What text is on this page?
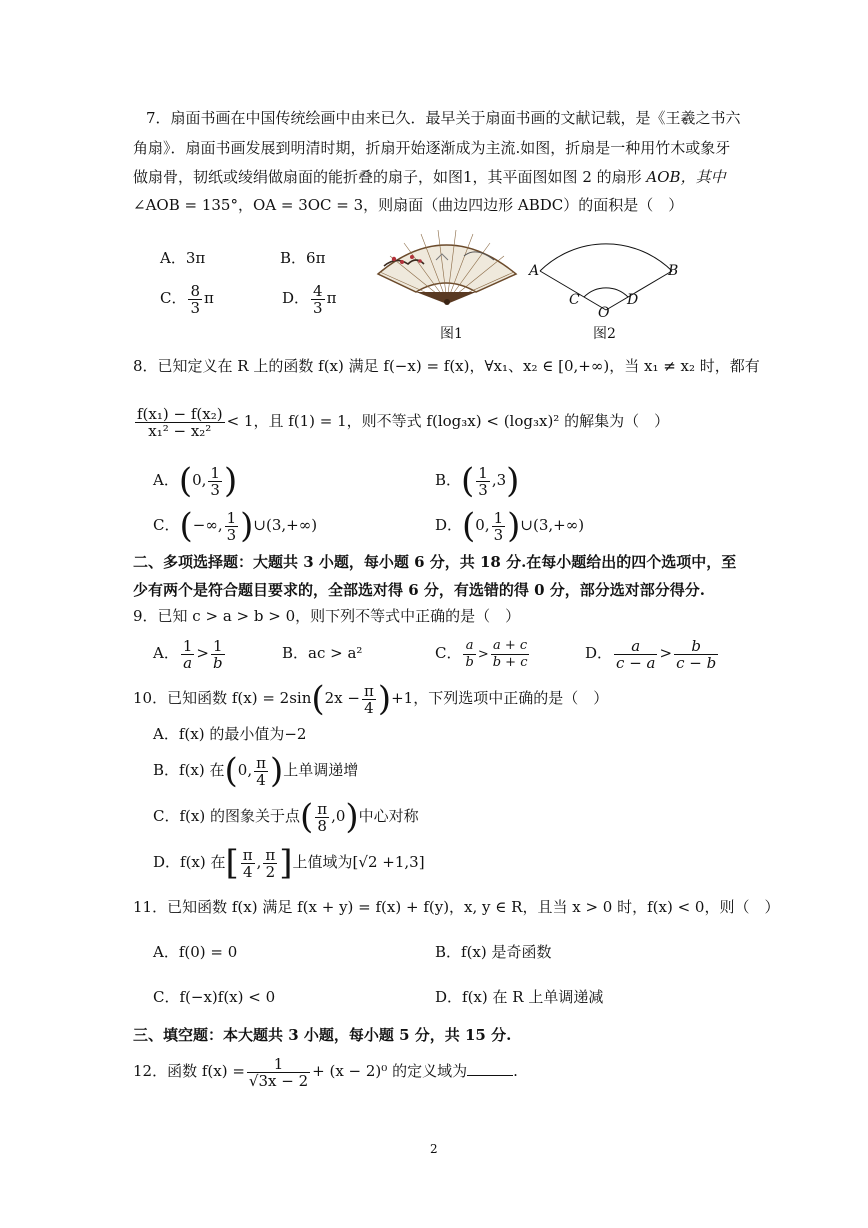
7．扇面书画在中国传统绘画中由来已久．最早关于扇面书画的文献记载，是《王羲之书六
角扇》．扇面书画发展到明清时期，折扇开始逐渐成为主流.如图，折扇是一种用竹木或象牙
做扇骨，韧纸或绫绢做扇面的能折叠的扇子，如图1，其平面图如图 2 的扇形 AOB，其中
∠AOB = 135°，OA = 3OC = 3，则扇面（曲边四边形 ABDC）的面积是（　）
A．3π	B．6π
C． $\frac{8}{3}$ π	D． $\frac{4}{3}$ π
A	B
C	D
O
图1	图2
8．已知定义在 R 上的函数 f(x) 满足 f(−x) = f(x)，∀x₁、x₂ ∈ [0,+∞)，当 x₁ ≠ x₂ 时，都有
$\frac{\text{f(x₁) − f(x₂)}}{\text{x₁² − x₂²}} < 1$，且 f(1) = 1，则不等式 f(log₃x) < (log₃x)² 的解集为（　）
A．(0, $\frac{1}{3}$ )	B．( $\frac{1}{3} ,3$)
C．(−∞, $\frac{1}{3}$ )∪(3,+∞)	D．(0, $\frac{1}{3}$ )∪(3,+∞)
二、多项选择题：大题共 3 小题，每小题 6 分，共 18 分.在每小题给出的四个选项中，至
少有两个是符合题目要求的，全部选对得 6 分，有选错的得 0 分，部分选对部分得分.
9．已知 c > a > b > 0，则下列不等式中正确的是（　）
A． $\frac{1}{a} > \frac{1}{b}$	B．ac > a²	C． $\frac{a}{b} > \frac{a + c}{b + c}$	D． $\frac{a}{c - a} > \frac{b}{c - b}$
10．已知函数 $f(x) = 2\sin(2x - \frac{\pi}{4} )+1$，下列选项中正确的是（　）
A．f(x) 的最小值为−2
B．f(x) 在(0, $\frac{\pi}{4}$ )上单调递增
C．f(x) 的图象关于点( $\frac{\pi}{8} ,0$)中心对称
D．f(x) 在[ $\frac{\pi}{4}$ , $\frac{\pi}{2}$ ]上值域为[√2 +1,3]
11．已知函数 f(x) 满足 f(x + y) = f(x) + f(y)，x, y ∈ R，且当 x > 0 时，f(x) < 0，则（　）
A．f(0) = 0	B．f(x) 是奇函数
C．f(−x)f(x) < 0	D．f(x) 在 R 上单调递减
三、填空题：本大题共 3 小题，每小题 5 分，共 15 分.
12．函数 $f(x) = \frac{1}{√3x - 2} + (x - 2)^0$ 的定义域为	.
2
